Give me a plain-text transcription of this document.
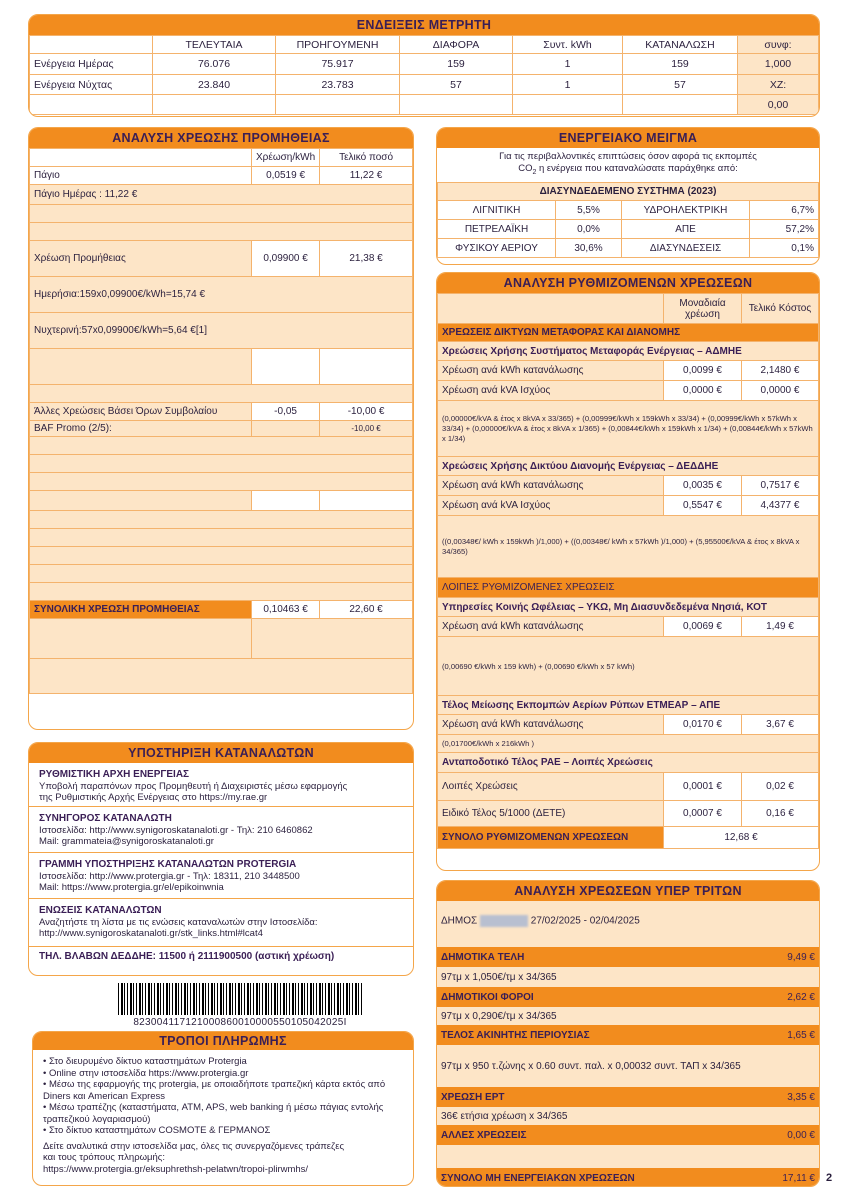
ΕΝΔΕΙΞΕΙΣ ΜΕΤΡΗΤΗ
	ΤΕΛΕΥΤΑΙΑ	ΠΡΟΗΓΟΥΜΕΝΗ	ΔΙΑΦΟΡΑ	Συντ. kWh	ΚΑΤΑΝΑΛΩΣΗ	συνφ:
Ενέργεια Ημέρας	76.076	75.917	159	1	159	1,000
Ενέργεια Νύχτας	23.840	23.783	57	1	57	ΧΖ:
						0,00
ΑΝΑΛΥΣΗ ΧΡΕΩΣΗΣ ΠΡΟΜΗΘΕΙΑΣ
	Χρέωση/kWh	Τελικό ποσό
Πάγιο	0,0519 €	11,22 €
Πάγιο Ημέρας : 11,22 €		

Χρέωση Προμήθειας	0,09900 €	21,38 €
Ημερήσια:159x0,09900€/kWh=15,74 €		
Νυχτερινή:57x0,09900€/kWh=5,64 €[1]		

Άλλες Χρεώσεις Βάσει Όρων Συμβολαίου	-0,05	-10,00 €
BAF Promo (2/5):		-10,00 €

ΣΥΝΟΛΙΚΗ ΧΡΕΩΣΗ ΠΡΟΜΗΘΕΙΑΣ	0,10463 €	22,60 €

ΕΝΕΡΓΕΙΑΚΟ ΜΕΙΓΜΑ
Για τις περιβαλλοντικές επιπτώσεις όσον αφορά τις εκπομπές
$CO_2$ η ενέργεια που καταναλώσατε παράχθηκε από:
ΔΙΑΣΥΝΔΕΔΕΜΕΝΟ ΣΥΣΤΗΜΑ (2023)			
ΛΙΓΝΙΤΙΚΗ	5,5%	ΥΔΡΟΗΛΕΚΤΡΙΚΗ	6,7%
ΠΕΤΡΕΛΑΪΚΗ	0,0%	ΑΠΕ	57,2%
ΦΥΣΙΚΟΥ ΑΕΡΙΟΥ	30,6%	ΔΙΑΣΥΝΔΕΣΕΙΣ	0,1%
ΑΝΑΛΥΣΗ ΡΥΘΜΙΖΟΜΕΝΩΝ ΧΡΕΩΣΕΩΝ
	Μοναδιαία χρέωση	Τελικό Κόστος
ΧΡΕΩΣΕΙΣ ΔΙΚΤΥΩΝ ΜΕΤΑΦΟΡΑΣ ΚΑΙ ΔΙΑΝΟΜΗΣ		
Χρεώσεις Χρήσης Συστήματος Μεταφοράς Ενέργειας – ΑΔΜΗΕ		
Χρέωση ανά kWh κατανάλωσης	0,0099 €	2,1480 €
Χρέωση ανά kVA Ισχύος	0,0000 €	0,0000 €
(0,00000€/kVA & έτος x 8kVA x 33/365) + (0,00999€/kWh x 159kWh x 33/34) + (0,00999€/kWh x 57kWh x 33/34) + (0,00000€/kVA & έτος x 8kVA x 1/365) + (0,00844€/kWh x 159kWh x 1/34) + (0,00844€/kWh x 57kWh x 1/34)		
Χρεώσεις Χρήσης Δικτύου Διανομής Ενέργειας – ΔΕΔΔΗΕ		
Χρέωση ανά kWh κατανάλωσης	0,0035 €	0,7517 €
Χρέωση ανά kVA Ισχύος	0,5547 €	4,4377 €
((0,00348€/ kWh x 159kWh )/1,000) + ((0,00348€/ kWh x 57kWh )/1,000) + (5,95500€/kVA & έτος x 8kVA x 34/365)		
ΛΟΙΠΕΣ ΡΥΘΜΙΖΟΜΕΝΕΣ ΧΡΕΩΣΕΙΣ		
Υπηρεσίες Κοινής Ωφέλειας – ΥΚΩ, Μη Διασυνδεδεμένα Νησιά, ΚΟΤ		
Χρέωση ανά kWh κατανάλωσης	0,0069 €	1,49 €
(0,00690 €/kWh x 159 kWh) + (0,00690 €/kWh x 57 kWh)		
Τέλος Μείωσης Εκπομπών Αερίων Ρύπων ΕΤΜΕΑΡ – ΑΠΕ		
Χρέωση ανά kWh κατανάλωσης	0,0170 €	3,67 €
(0,01700€/kWh x 216kWh )		
Ανταποδοτικό Τέλος ΡΑΕ – Λοιπές Χρεώσεις		
Λοιπές Χρεώσεις	0,0001 €	0,02 €
Ειδικό Τέλος 5/1000 (ΔΕΤΕ)	0,0007 €	0,16 €
ΣΥΝΟΛΟ ΡΥΘΜΙΖΟΜΕΝΩΝ ΧΡΕΩΣΕΩΝ	12,68 €	
ΑΝΑΛΥΣΗ ΧΡΕΩΣΕΩΝ ΥΠΕΡ ΤΡΙΤΩΝ
ΔΗΜΟΣ	27/02/2025 - 02/04/2025
ΔΗΜΟΤΙΚΑ ΤΕΛΗ	9,49 €
97τμ x 1,050€/τμ x 34/365	
ΔΗΜΟΤΙΚΟΙ ΦΟΡΟΙ	2,62 €
97τμ x 0,290€/τμ x 34/365	
ΤΕΛΟΣ ΑΚΙΝΗΤΗΣ ΠΕΡΙΟΥΣΙΑΣ	1,65 €
97τμ x 950 τ.ζώνης x 0.60 συντ. παλ. x 0,00032 συντ. ΤΑΠ x 34/365	
ΧΡΕΩΣΗ ΕΡΤ	3,35 €
36€ ετήσια χρέωση x 34/365	
ΑΛΛΕΣ ΧΡΕΩΣΕΙΣ	0,00 €

ΣΥΝΟΛΟ ΜΗ ΕΝΕΡΓΕΙΑΚΩΝ ΧΡΕΩΣΕΩΝ	17,11 €
ΥΠΟΣΤΗΡΙΞΗ ΚΑΤΑΝΑΛΩΤΩΝ
ΡΥΘΜΙΣΤΙΚΗ ΑΡΧΗ ΕΝΕΡΓΕΙΑΣ
Υποβολή παραπόνων προς Προμηθευτή ή Διαχειριστές μέσω εφαρμογής
της Ρυθμιστικής Αρχής Ενέργειας στο https://my.rae.gr
ΣΥΝΗΓΟΡΟΣ ΚΑΤΑΝΑΛΩΤΗ
Ιστοσελίδα: http://www.synigoroskatanaloti.gr - Τηλ: 210 6460862
Mail: grammateia@synigoroskatanaloti.gr
ΓΡΑΜΜΗ ΥΠΟΣΤΗΡΙΞΗΣ ΚΑΤΑΝΑΛΩΤΩΝ PROTERGIA
Ιστοσελίδα: http://www.protergia.gr - Τηλ: 18311, 210 3448500
Mail: https://www.protergia.gr/el/epikoinwnia
ΕΝΩΣΕΙΣ ΚΑΤΑΝΑΛΩΤΩΝ
Αναζητήστε τη λίστα με τις ενώσεις καταναλωτών στην Ιστοσελίδα:
http://www.synigoroskatanaloti.gr/stk_links.html#lcat4
ΤΗΛ. ΒΛΑΒΩΝ ΔΕΔΔΗΕ: 11500 ή 2111900500 (αστική χρέωση)
823004117121000860010000550105042025I
ΤΡΟΠΟΙ ΠΛΗΡΩΜΗΣ
• Στο διευρυμένο δίκτυο καταστημάτων Protergia
• Online στην ιστοσελίδα https://www.protergia.gr
• Μέσω της εφαρμογής της protergia, με οποιαδήποτε τραπεζική κάρτα εκτός από Diners και American Express
• Μέσω τραπέζης (καταστήματα, ATM, APS, web banking ή μέσω πάγιας εντολής τραπεζικού λογαριασμού)
• Στο δίκτυο καταστημάτων COSMOTE & ΓΕΡΜΑΝΟΣ
Δείτε αναλυτικά στην ιστοσελίδα μας, όλες τις συνεργαζόμενες τράπεζες
και τους τρόπους πληρωμής:
https://www.protergia.gr/eksuphrethsh-pelatwn/tropoi-plirwmhs/
2
